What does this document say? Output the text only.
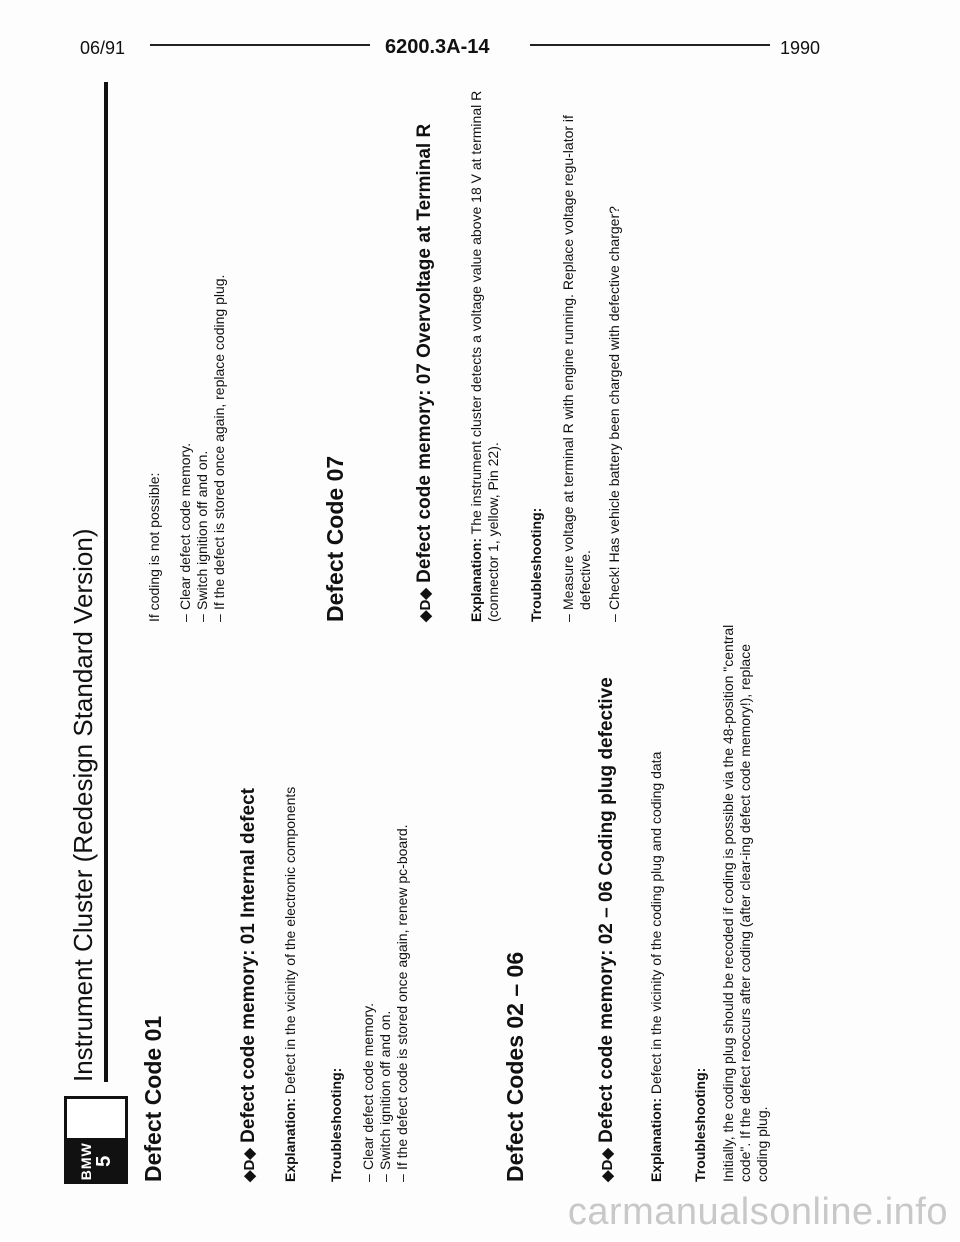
BMW 5
Instrument Cluster (Redesign Standard Version)
06/91	6200.3A-14	1990
Defect Code 01	◆D◆ Defect code memory: 01 Internal defect Explanation: Defect in the vicinity of the electronic components

Troubleshooting: – Clear defect code memory. – Switch ignition off and on. – If the defect code is stored once again, renew pc-board.	Defect Codes 02 – 06	◆D◆ Defect code memory: 02 – 06 Coding plug defective Explanation: Defect in the vicinity of the coding plug and coding data

Troubleshooting: Initially, the coding plug should be recoded if coding is possible via the 48-position "central code". If the defect reoccurs after coding (after clear-ing defect code memory!), replace coding plug.

If coding is not possible: – Clear defect code memory. – Switch ignition off and on. – If the defect is stored once again, replace coding plug.	Defect Code 07	◆D◆ Defect code memory: 07 Overvoltage at Terminal R Explanation: The instrument cluster detects a voltage value above 18 V at terminal R (connector 1, yellow, Pin 22). Troubleshooting: – Measure voltage at terminal R with engine running. Replace voltage regu-lator if defective. – Check! Has vehicle battery been charged with defective charger?
carmanualsonline.info
